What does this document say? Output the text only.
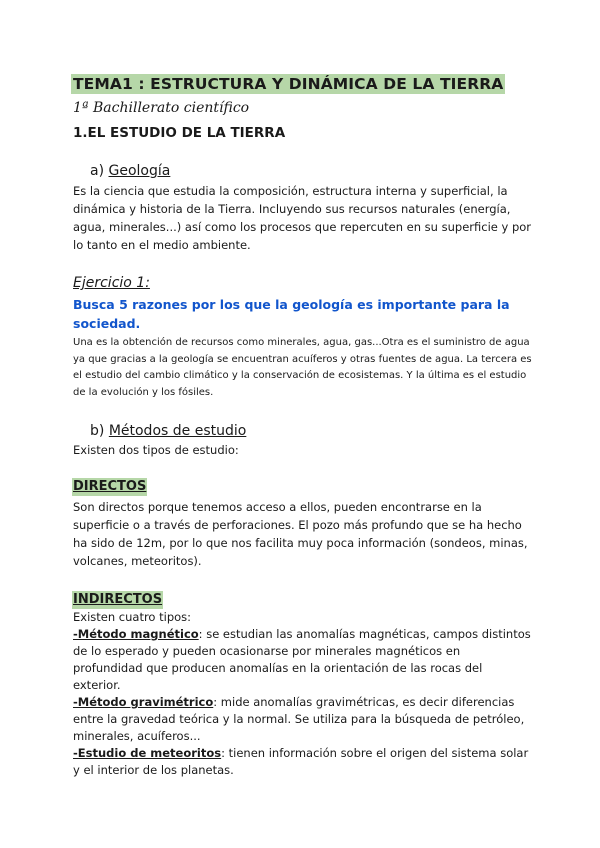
TEMA1 : ESTRUCTURA Y DINÁMICA DE LA TIERRA
1ª Bachillerato científico
1.EL ESTUDIO DE LA TIERRA
a) Geología

Es la ciencia que estudia la composición, estructura interna y superficial, la dinámica y historia de la Tierra. Incluyendo sus recursos naturales (energía, agua, minerales...) así como los procesos que repercuten en su superficie y por lo tanto en el medio ambiente.

Ejercicio 1:
Busca 5 razones por los que la geología es importante para la sociedad.

Una es la obtención de recursos como minerales, agua, gas...Otra es el suministro de agua ya que gracias a la geología se encuentran acuíferos y otras fuentes de agua. La tercera es el estudio del cambio climático y la conservación de ecosistemas. Y la última es el estudio de la evolución y los fósiles.

b) Métodos de estudio

Existen dos tipos de estudio:

DIRECTOS

Son directos porque tenemos acceso a ellos, pueden encontrarse en la superficie o a través de perforaciones. El pozo más profundo que se ha hecho ha sido de 12m, por lo que nos facilita muy poca información (sondeos, minas, volcanes, meteoritos).

INDIRECTOS

Existen cuatro tipos:

-Método magnético: se estudian las anomalías magnéticas, campos distintos de lo esperado y pueden ocasionarse por minerales magnéticos en profundidad que producen anomalías en la orientación de las rocas del exterior.

-Método gravimétrico: mide anomalías gravimétricas, es decir diferencias entre la gravedad teórica y la normal. Se utiliza para la búsqueda de petróleo, minerales, acuíferos...

-Estudio de meteoritos: tienen información sobre el origen del sistema solar y el interior de los planetas.
